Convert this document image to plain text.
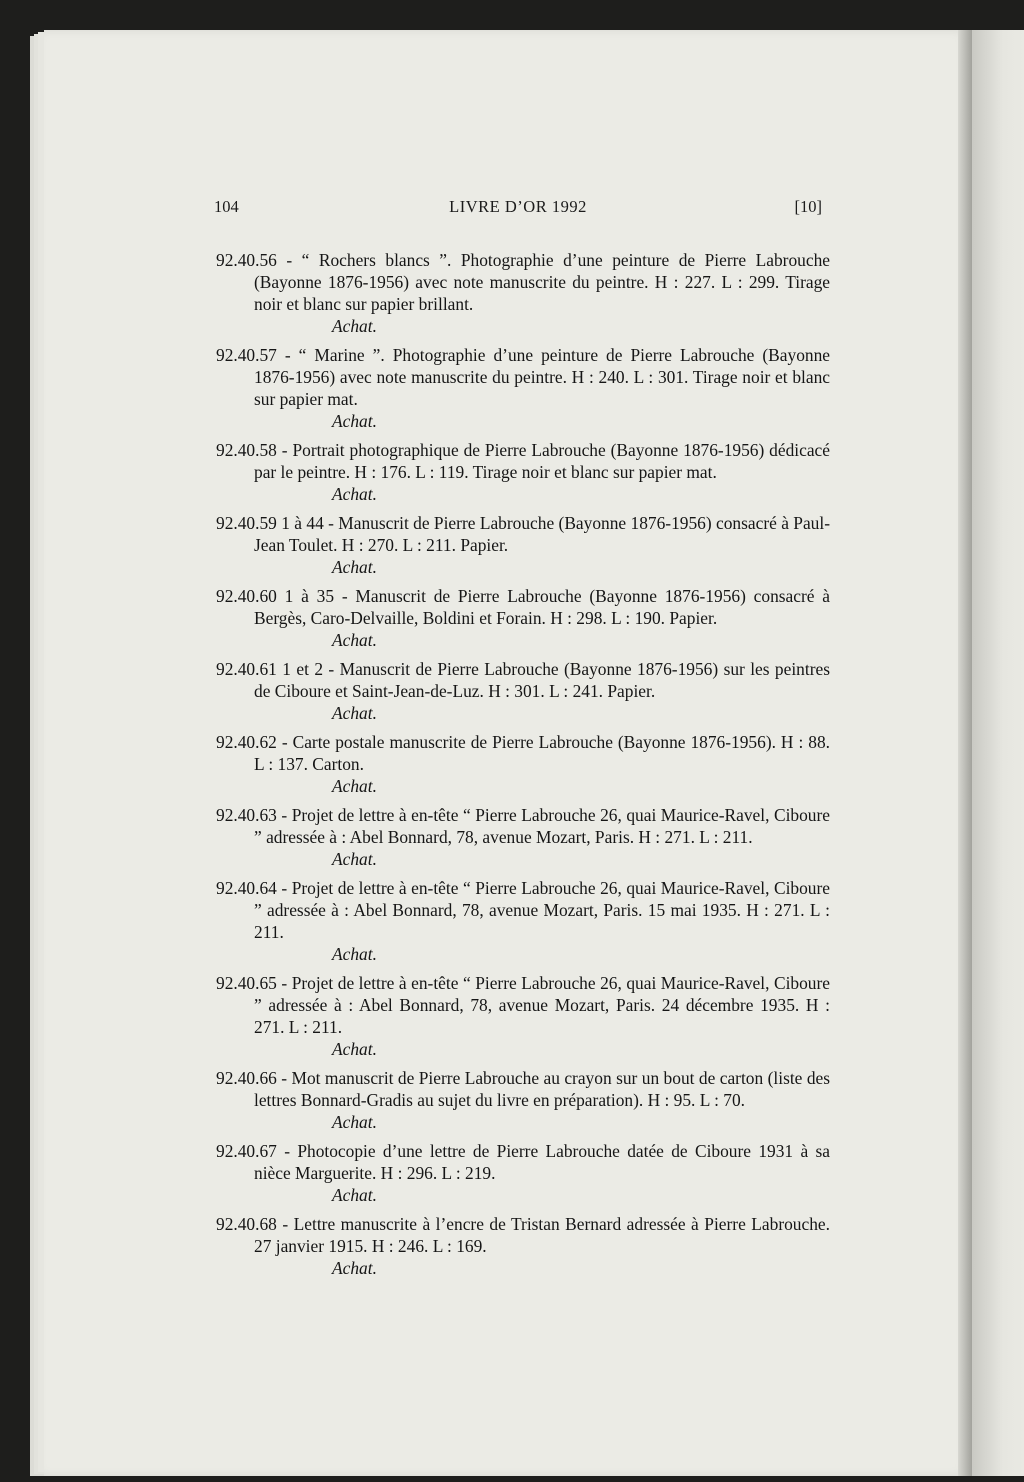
104	LIVRE D’OR 1992	[10]

92.40.56 - “ Rochers blancs ”. Photographie d’une peinture de Pierre Labrouche (Bayonne 1876-1956) avec note manuscrite du peintre. H : 227. L : 299. Tirage noir et blanc sur papier brillant.

Achat.

92.40.57 - “ Marine ”. Photographie d’une peinture de Pierre Labrouche (Bayonne 1876-1956) avec note manuscrite du peintre. H : 240. L : 301. Tirage noir et blanc sur papier mat.

Achat.

92.40.58 - Portrait photographique de Pierre Labrouche (Bayonne 1876-1956) dédicacé par le peintre. H : 176. L : 119. Tirage noir et blanc sur papier mat.

Achat.

92.40.59 1 à 44 - Manuscrit de Pierre Labrouche (Bayonne 1876-1956) consacré à Paul-Jean Toulet. H : 270. L : 211. Papier.

Achat.

92.40.60 1 à 35 - Manuscrit de Pierre Labrouche (Bayonne 1876-1956) consacré à Bergès, Caro-Delvaille, Boldini et Forain. H : 298. L : 190. Papier.

Achat.

92.40.61 1 et 2 - Manuscrit de Pierre Labrouche (Bayonne 1876-1956) sur les peintres de Ciboure et Saint-Jean-de-Luz. H : 301. L : 241. Papier.

Achat.

92.40.62 - Carte postale manuscrite de Pierre Labrouche (Bayonne 1876-1956). H : 88. L : 137. Carton.

Achat.

92.40.63 - Projet de lettre à en-tête “ Pierre Labrouche 26, quai Maurice-Ravel, Ciboure ” adressée à : Abel Bonnard, 78, avenue Mozart, Paris. H : 271. L : 211.

Achat.

92.40.64 - Projet de lettre à en-tête “ Pierre Labrouche 26, quai Maurice-Ravel, Ciboure ” adressée à : Abel Bonnard, 78, avenue Mozart, Paris. 15 mai 1935. H : 271. L : 211.

Achat.

92.40.65 - Projet de lettre à en-tête “ Pierre Labrouche 26, quai Maurice-Ravel, Ciboure ” adressée à : Abel Bonnard, 78, avenue Mozart, Paris. 24 décembre 1935. H : 271. L : 211.

Achat.

92.40.66 - Mot manuscrit de Pierre Labrouche au crayon sur un bout de carton (liste des lettres Bonnard-Gradis au sujet du livre en préparation). H : 95. L : 70.

Achat.

92.40.67 - Photocopie d’une lettre de Pierre Labrouche datée de Ciboure 1931 à sa nièce Marguerite. H : 296. L : 219.

Achat.

92.40.68 - Lettre manuscrite à l’encre de Tristan Bernard adressée à Pierre Labrouche. 27 janvier 1915. H : 246. L : 169.

Achat.
